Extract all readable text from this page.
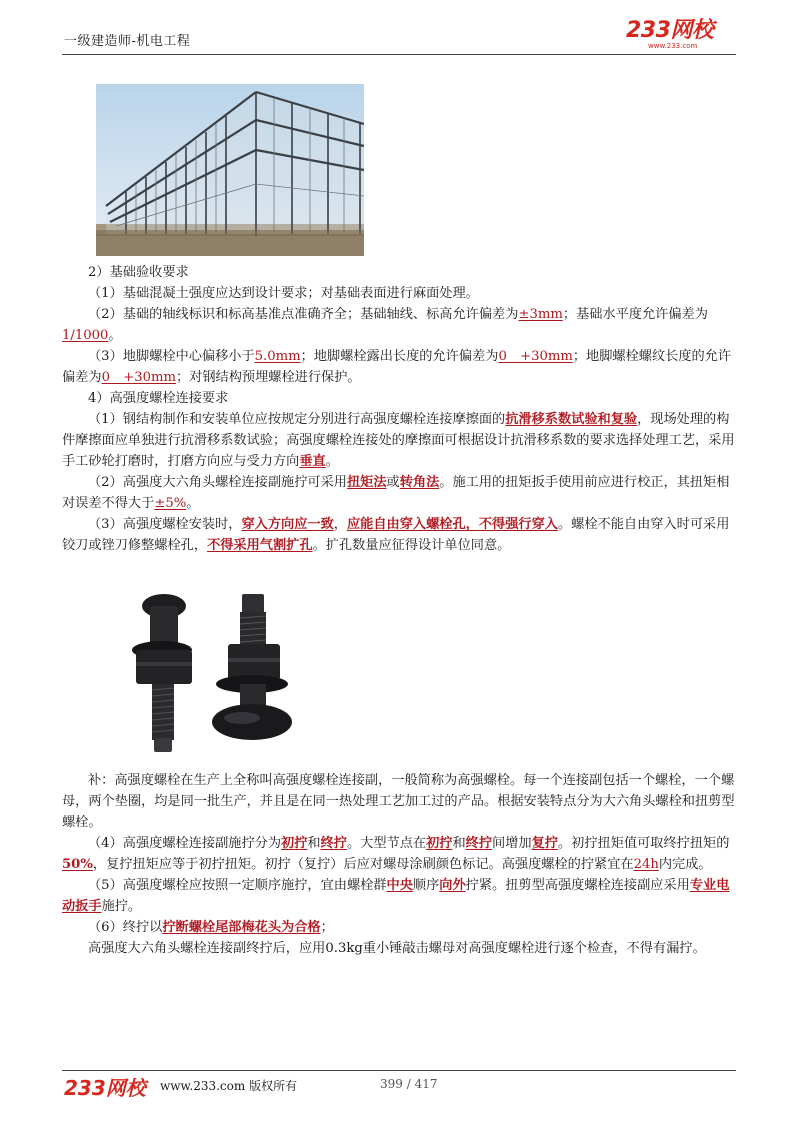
一级建造师-机电工程	233网校
www.233.com

2）基础验收要求

（1）基础混凝土强度应达到设计要求；对基础表面进行麻面处理。

（2）基础的轴线标识和标高基准点准确齐全；基础轴线、标高允许偏差为±3mm；基础水平度允许偏差为1/1000。

（3）地脚螺栓中心偏移小于5.0mm；地脚螺栓露出长度的允许偏差为0　+30mm；地脚螺栓螺纹长度的允许偏差为0　+30mm；对钢结构预埋螺栓进行保护。

4）高强度螺栓连接要求

（1）钢结构制作和安装单位应按规定分别进行高强度螺栓连接摩擦面的抗滑移系数试验和复验，现场处理的构件摩擦面应单独进行抗滑移系数试验；高强度螺栓连接处的摩擦面可根据设计抗滑移系数的要求选择处理工艺，采用手工砂轮打磨时，打磨方向应与受力方向垂直。

（2）高强度大六角头螺栓连接副施拧可采用扭矩法或转角法。施工用的扭矩扳手使用前应进行校正，其扭矩相对误差不得大于±5%。

（3）高强度螺栓安装时，穿入方向应一致，应能自由穿入螺栓孔，不得强行穿入。螺栓不能自由穿入时可采用铰刀或锉刀修整螺栓孔，不得采用气割扩孔。扩孔数量应征得设计单位同意。

补：高强度螺栓在生产上全称叫高强度螺栓连接副，一般简称为高强螺栓。每一个连接副包括一个螺栓，一个螺母，两个垫圈，均是同一批生产，并且是在同一热处理工艺加工过的产品。根据安装特点分为大六角头螺栓和扭剪型螺栓。

（4）高强度螺栓连接副施拧分为初拧和终拧。大型节点在初拧和终拧间增加复拧。初拧扭矩值可取终拧扭矩的50%，复拧扭矩应等于初拧扭矩。初拧（复拧）后应对螺母涂刷颜色标记。高强度螺栓的拧紧宜在24h内完成。

（5）高强度螺栓应按照一定顺序施拧，宜由螺栓群中央顺序向外拧紧。扭剪型高强度螺栓连接副应采用专业电动扳手施拧。

（6）终拧以拧断螺栓尾部梅花头为合格；

高强度大六角头螺栓连接副终拧后，应用0.3kg重小锤敲击螺母对高强度螺栓进行逐个检查，不得有漏拧。

233网校 www.233.com 版权所有	399 / 417
